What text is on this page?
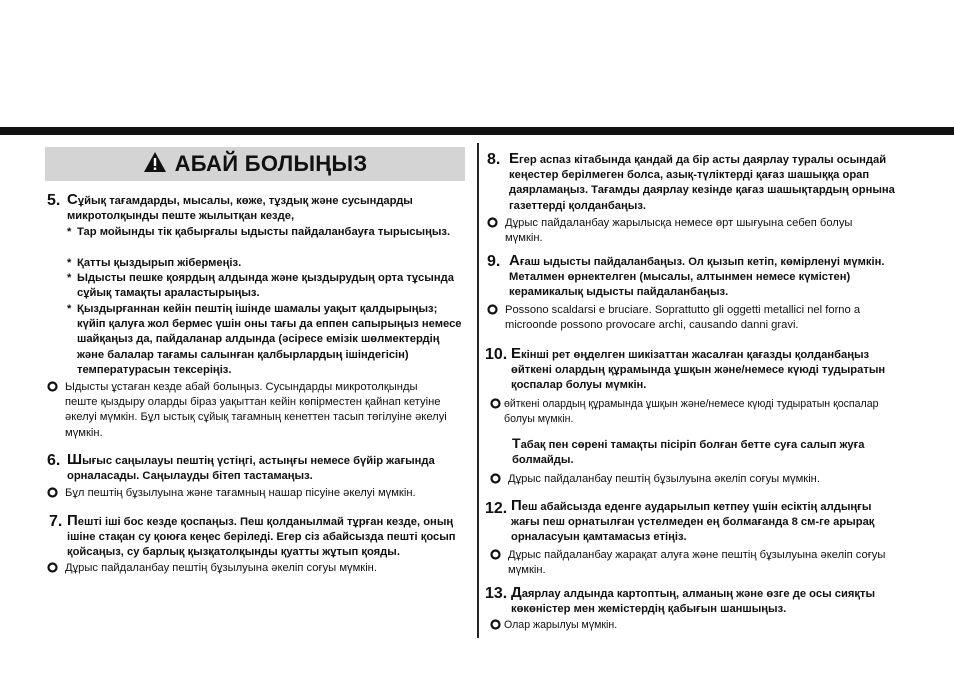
АБАЙ БОЛЫҢЫЗ
5. Сұйық тағамдарды, мысалы, көже, тұздық және сусындарды микротолқынды пеште жылытқан кезде,
* Тар мойынды тік қабырғалы ыдысты пайдаланбауға тырысыңыз.
* Қатты қыздырып жібермеңіз.
* Ыдысты пешке қоярдың алдында және қыздырудың орта тұсында сұйық тамақты араластырыңыз.
* Қыздырғаннан кейін пештің ішінде шамалы уақыт қалдырыңыз; күйіп қалуға жол бермес үшін оны тағы да еппен сапырыңыз немесе шайқаңыз да, пайдаланар алдында (әсіресе емізік шөлмектердің және балалар тағамы салынған қалбырлардың ішіндегісін) температурасын тексеріңіз.
Ыдысты ұстаған кезде абай болыңыз. Сусындарды микротолқынды пеште қыздыру оларды біраз уақыттан кейін көпірместен қайнап кетуіне әкелуі мүмкін. Бұл ыстық сұйық тағамның кенеттен тасып төгілуіне әкелуі мүмкін.
6. Шығыс саңылауы пештің үстіңгі, астыңғы немесе бүйір жағында орналасады. Саңылауды бітеп тастамаңыз.
Бұл пештің бұзылуына және тағамның нашар пісуіне әкелуі мүмкін.
7. Пешті іші бос кезде қоспаңыз. Пеш қолданылмай тұрған кезде, оның ішіне стақан су қоюға кеңес беріледі. Егер сіз абайсызда пешті қосып қойсаңыз, су барлық қызқатолқынды қуатты жұтып қояды.
Дұрыс пайдаланбау пештің бұзылуына әкеліп соғуы мүмкін.
8. Егер аспаз кітабында қандай да бір асты даярлау туралы осындай кеңестер берілмеген болса, азық-түліктерді қағаз шашыққа орап даярламаңыз. Тағамды даярлау кезінде қағаз шашықтардың орнына газеттерді қолданбаңыз.
Дұрыс пайдаланбау жарылысқа немесе өрт шығуына себеп болуы мүмкін.
9. Ағаш ыдысты пайдаланбаңыз. Ол қызып кетіп, көмірленуі мүмкін. Металмен өрнектелген (мысалы, алтынмен немесе күмістен) керамикалық ыдысты пайдаланбаңыз.
Possono scaldarsi e bruciare. Soprattutto gli oggetti metallici nel forno a microonde possono provocare archi, causando danni gravi.
10. Екінші рет өңделген шикізаттан жасалған қағазды қолданбаңыз өйткені олардың құрамында ұшқын және/немесе күюді тудыратын қоспалар болуы мүмкін.
өйткені олардың құрамында ұшқын және/немесе күюді тудыратын қоспалар болуы мүмкін.
Табақ пен сөрені тамақты пісіріп болған бетте суға салып жуға болмайды.
Дұрыс пайдаланбау пештің бұзылуына әкеліп соғуы мүмкін.
12. Пеш абайсызда еденге аударылып кетпеу үшін есіктің алдыңғы жағы пеш орнатылған үстелмеден ең болмағанда 8 см-ге арырақ орналасуын қамтамасыз етіңіз.
Дұрыс пайдаланбау жарақат алуға және пештің бұзылуына әкеліп соғуы мүмкін.
13. Даярлау алдында картоптың, алманың және өзге де осы сияқты көкөністер мен жемістердің қабығын шаншыңыз.
Олар жарылуы мүмкін.
